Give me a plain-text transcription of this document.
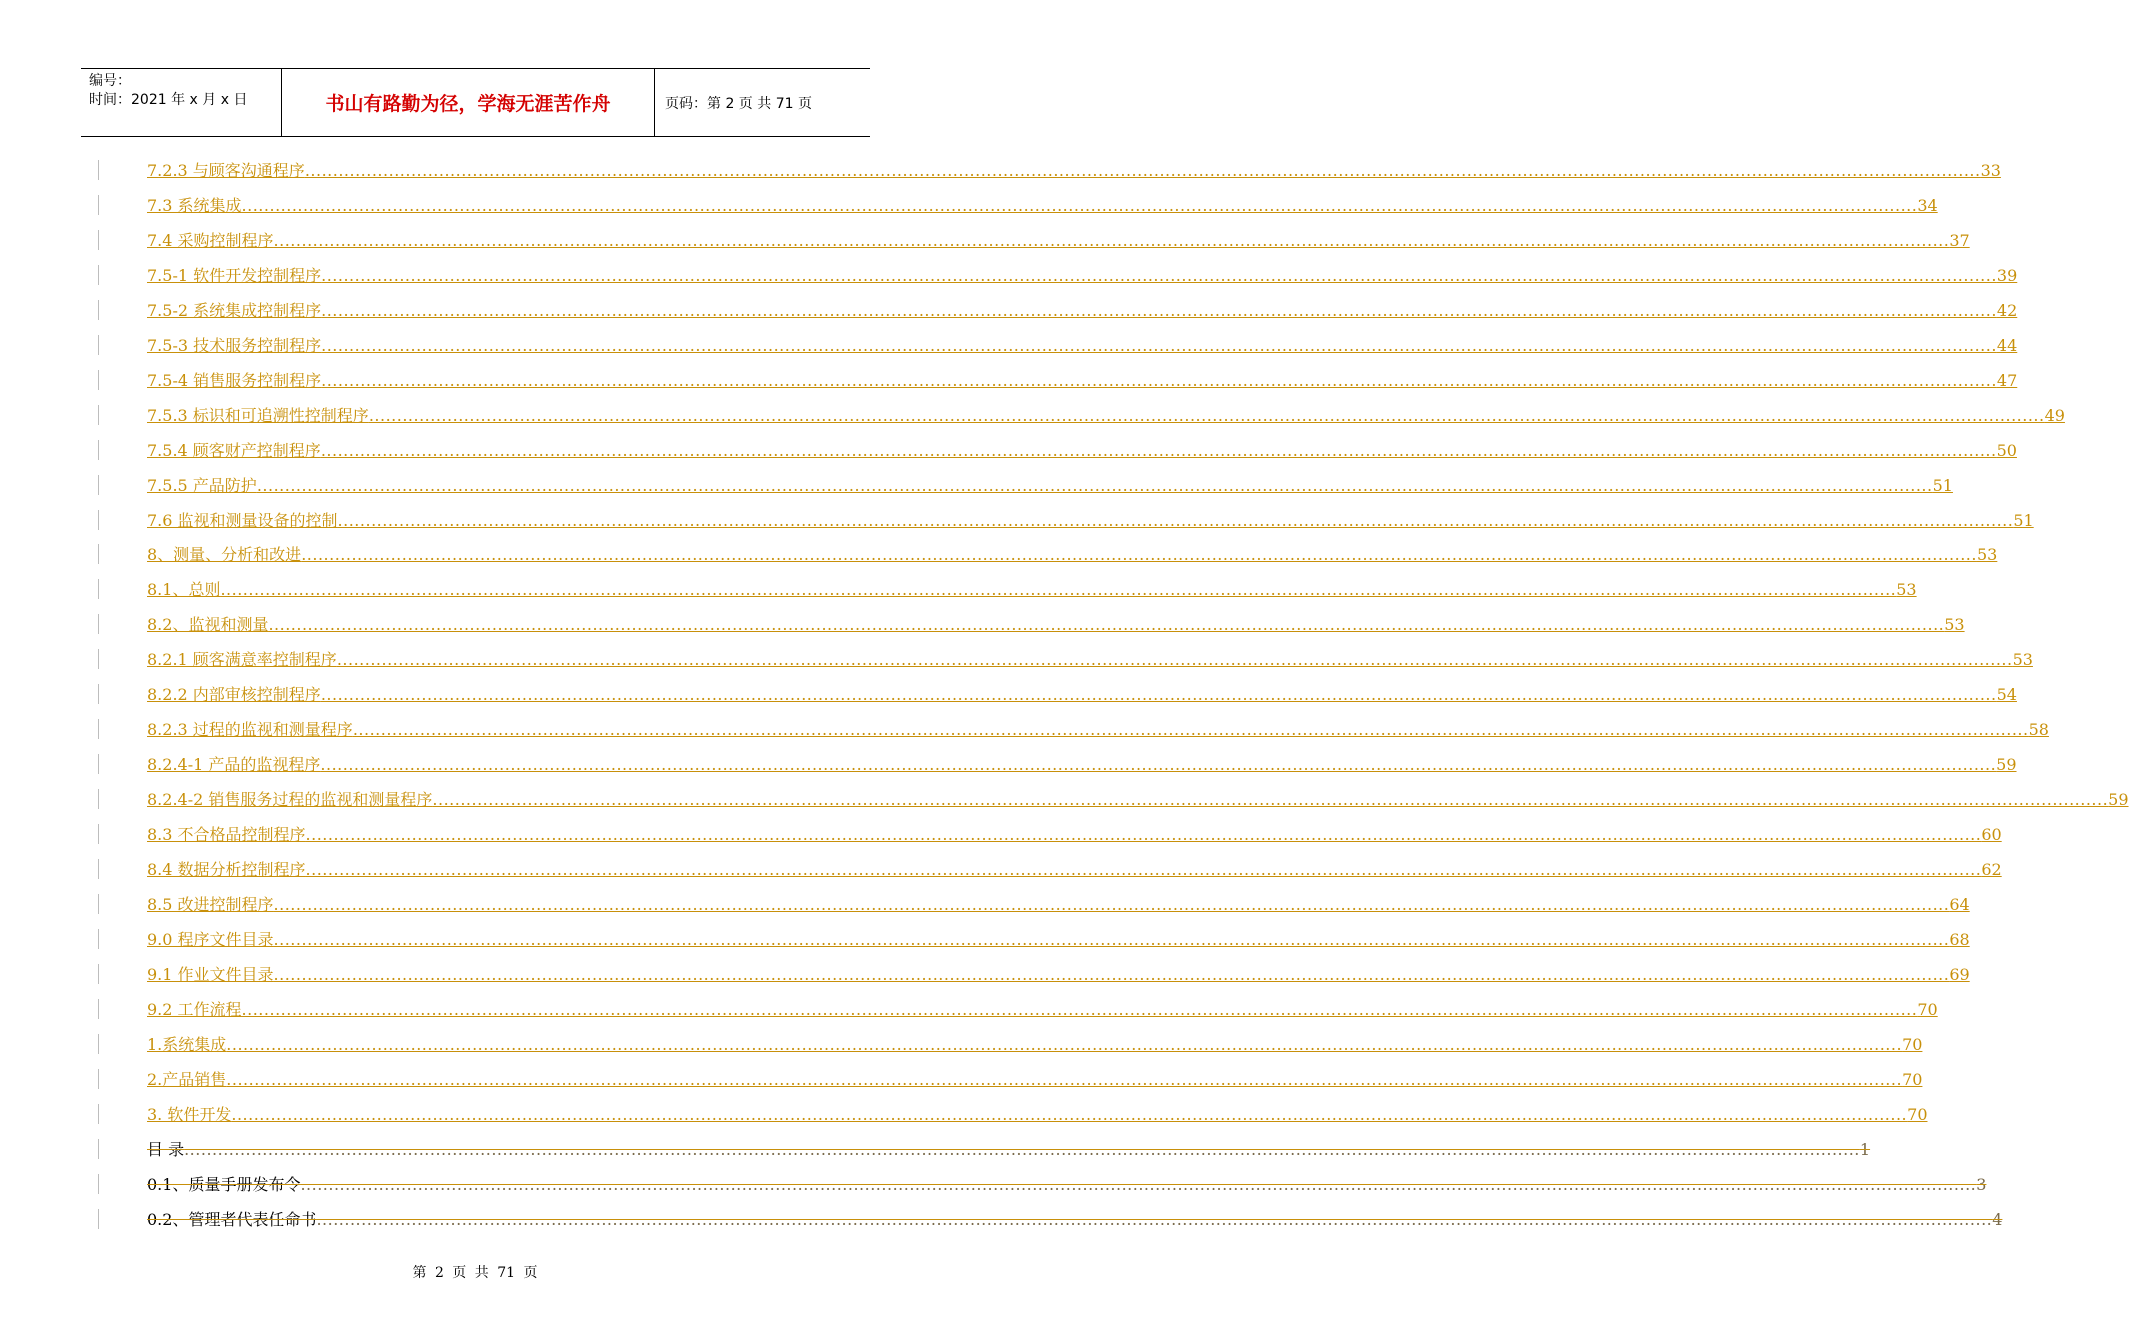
编号：
时间：2021 年 x 月 x 日	书山有路勤为径，学海无涯苦作舟	页码：第 2 页 共 71 页
7.2.3 与顾客沟通程序 ............................................................................................................................................................................................................................................................................................................ 33
7.3 系统集成 ............................................................................................................................................................................................................................................................................................................ 34
7.4 采购控制程序 ............................................................................................................................................................................................................................................................................................................ 37
7.5-1 软件开发控制程序 ............................................................................................................................................................................................................................................................................................................ 39
7.5-2 系统集成控制程序 ............................................................................................................................................................................................................................................................................................................ 42
7.5-3 技术服务控制程序 ............................................................................................................................................................................................................................................................................................................ 44
7.5-4 销售服务控制程序 ............................................................................................................................................................................................................................................................................................................ 47
7.5.3 标识和可追溯性控制程序 ............................................................................................................................................................................................................................................................................................................ 49
7.5.4 顾客财产控制程序 ............................................................................................................................................................................................................................................................................................................ 50
7.5.5 产品防护 ............................................................................................................................................................................................................................................................................................................ 51
7.6 监视和测量设备的控制 ............................................................................................................................................................................................................................................................................................................ 51
8、测量、分析和改进 ............................................................................................................................................................................................................................................................................................................ 53
8.1、总则 ............................................................................................................................................................................................................................................................................................................ 53
8.2、监视和测量 ............................................................................................................................................................................................................................................................................................................ 53
8.2.1 顾客满意率控制程序 ............................................................................................................................................................................................................................................................................................................ 53
8.2.2 内部审核控制程序 ............................................................................................................................................................................................................................................................................................................ 54
8.2.3 过程的监视和测量程序 ............................................................................................................................................................................................................................................................................................................ 58
8.2.4-1 产品的监视程序 ............................................................................................................................................................................................................................................................................................................ 59
8.2.4-2 销售服务过程的监视和测量程序 ............................................................................................................................................................................................................................................................................................................ 59
8.3 不合格品控制程序 ............................................................................................................................................................................................................................................................................................................ 60
8.4 数据分析控制程序 ............................................................................................................................................................................................................................................................................................................ 62
8.5 改进控制程序 ............................................................................................................................................................................................................................................................................................................ 64
9.0 程序文件目录 ............................................................................................................................................................................................................................................................................................................ 68
9.1 作业文件目录 ............................................................................................................................................................................................................................................................................................................ 69
9.2 工作流程 ............................................................................................................................................................................................................................................................................................................ 70
1.系统集成 ............................................................................................................................................................................................................................................................................................................ 70
2.产品销售 ............................................................................................................................................................................................................................................................................................................ 70
3. 软件开发 ............................................................................................................................................................................................................................................................................................................ 70
目 录 ............................................................................................................................................................................................................................................................................................................ 1
0.1、质量手册发布令 ............................................................................................................................................................................................................................................................................................................ 3
0.2、管理者代表任命书 ............................................................................................................................................................................................................................................................................................................ 4
第 2 页 共 71 页
